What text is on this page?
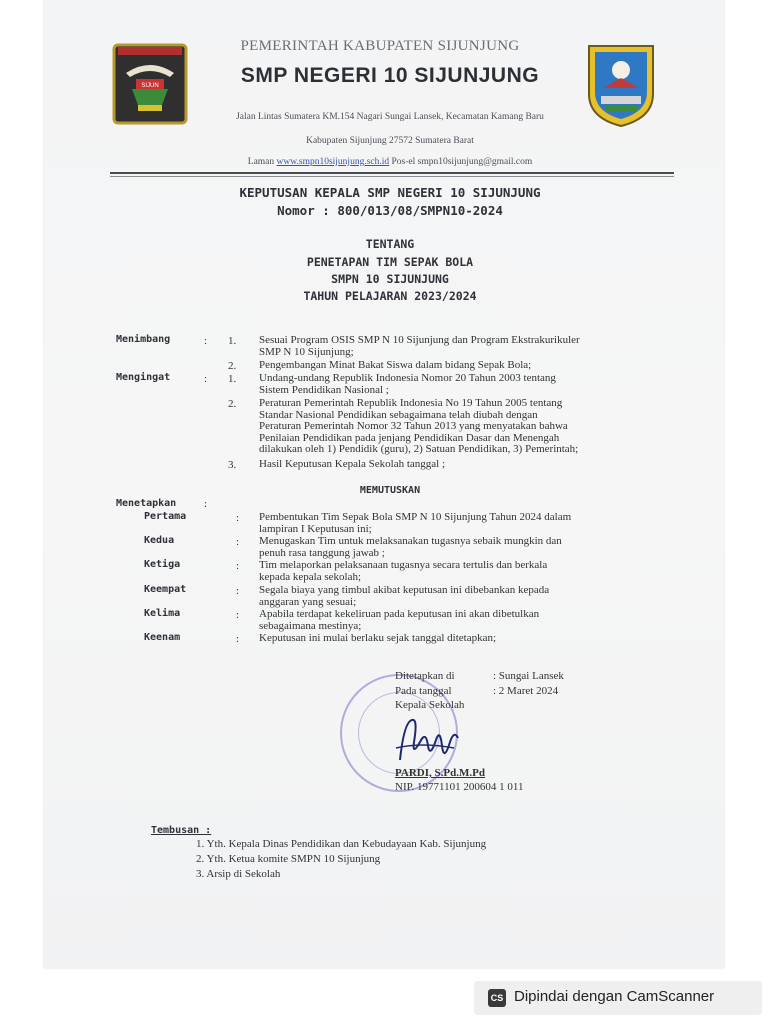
SIJUN
PEMERINTAH KABUPATEN SIJUNJUNG
SMP NEGERI 10 SIJUNJUNG
Jalan Lintas Sumatera KM.154 Nagari Sungai Lansek, Kecamatan Kamang Baru
Kabupaten Sijunjung 27572 Sumatera Barat
Laman www.smpn10sijunjung.sch.id Pos-el smpn10sijunjung@gmail.com
KEPUTUSAN KEPALA SMP NEGERI 10 SIJUNJUNG
Nomor : 800/013/08/SMPN10-2024
TENTANG
PENETAPAN TIM SEPAK BOLA
SMPN 10 SIJUNJUNG
TAHUN PELAJARAN 2023/2024
Menimbang	: 1. Sesuai Program OSIS SMP N 10 Sijunjung dan Program Ekstrakurikuler
SMP N 10 Sijunjung;
2. Pengembangan Minat Bakat Siswa dalam bidang Sepak Bola;
Mengingat	: 1. Undang-undang Republik Indonesia Nomor 20 Tahun 2003 tentang
Sistem Pendidikan Nasional ;
2. Peraturan Pemerintah Republik Indonesia No 19 Tahun 2005 tentang
Standar Nasional Pendidikan sebagaimana telah diubah dengan
Peraturan Pemerintah Nomor 32 Tahun 2013 yang menyatakan bahwa
Penilaian Pendidikan pada jenjang Pendidikan Dasar dan Menengah
dilakukan oleh 1) Pendidik (guru), 2) Satuan Pendidikan, 3) Pemerintah;
3. Hasil Keputusan Kepala Sekolah tanggal ;
MEMUTUSKAN
Menetapkan	:
Pertama	: Pembentukan Tim Sepak Bola SMP N 10 Sijunjung Tahun 2024 dalam
lampiran I Keputusan ini;
Kedua	: Menugaskan Tim untuk melaksanakan tugasnya sebaik mungkin dan
penuh rasa tanggung jawab ;
Ketiga	: Tim melaporkan pelaksanaan tugasnya secara tertulis dan berkala
kepada kepala sekolah;
Keempat	: Segala biaya yang timbul akibat keputusan ini dibebankan kepada
anggaran yang sesuai;
Kelima	: Apabila terdapat kekeliruan pada keputusan ini akan dibetulkan
sebagaimana mestinya;
Keenam	: Keputusan ini mulai berlaku sejak tanggal ditetapkan;
Ditetapkan di	: Sungai Lansek
Pada tanggal	: 2 Maret 2024
Kepala Sekolah
PARDI, S.Pd.M.Pd
NIP. 19771101 200604 1 011
Tembusan :
1. Yth. Kepala Dinas Pendidikan dan Kebudayaan Kab. Sijunjung
2. Yth. Ketua komite SMPN 10 Sijunjung
3. Arsip di Sekolah
CS Dipindai dengan CamScanner
